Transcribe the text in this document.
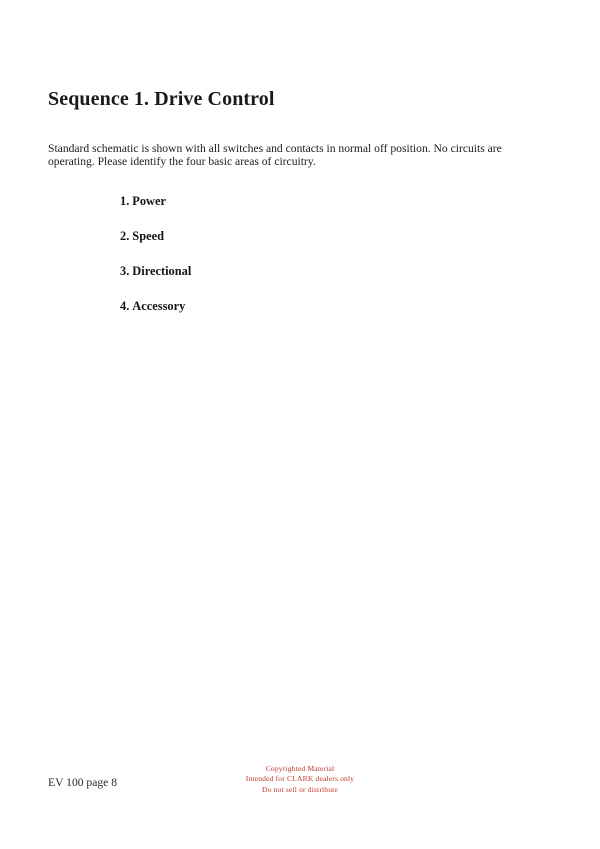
Sequence 1. Drive Control

Standard schematic is shown with all switches and contacts in normal off position. No circuits are operating. Please identify the four basic areas of circuitry.

1. Power
2. Speed
3. Directional
4. Accessory
EV 100 page 8
Copyrighted Material
Intended for CLARK dealers only
Do not sell or distribute
